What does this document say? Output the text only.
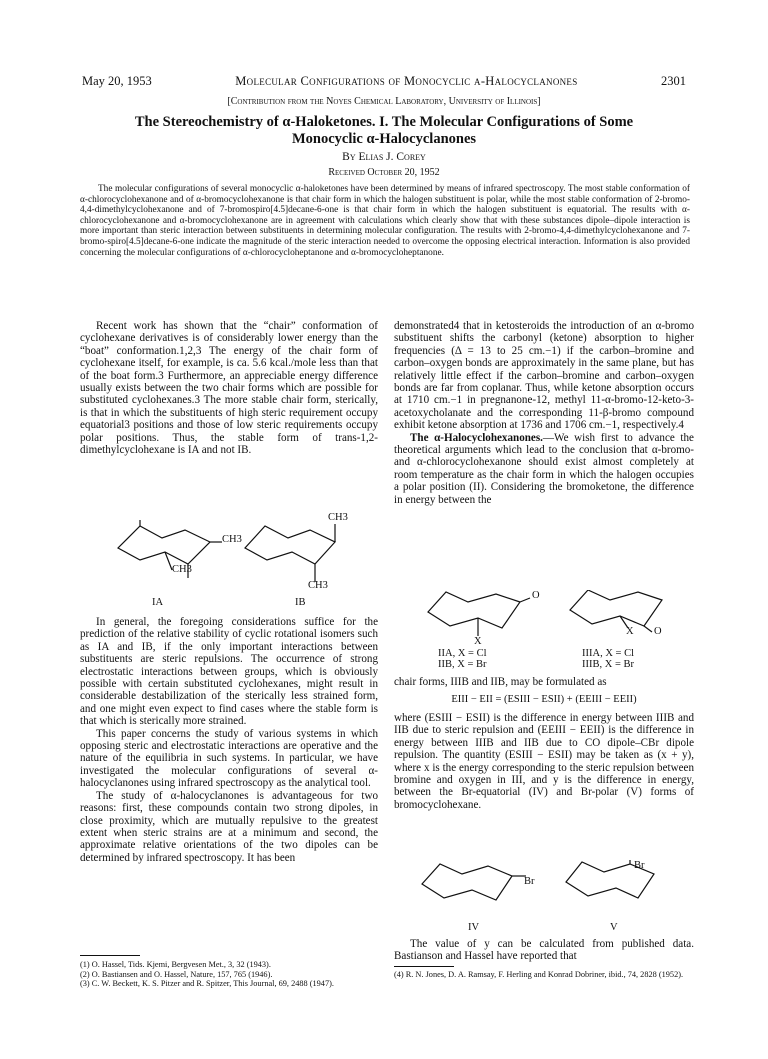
May 20, 1953	Molecular Configurations of Monocyclic α-Halocyclanones	2301
[Contribution from the Noyes Chemical Laboratory, University of Illinois]
The Stereochemistry of α-Haloketones. I. The Molecular Configurations of Some
Monocyclic α-Halocyclanones
By Elias J. Corey
Received October 20, 1952
The molecular configurations of several monocyclic α-haloketones have been determined by means of infrared spectroscopy. The most stable conformation of α-chlorocyclohexanone and of α-bromocyclohexanone is that chair form in which the halogen substituent is polar, while the most stable conformation of 2-bromo-4,4-dimethylcyclohexanone and of 7-bromospiro[4.5]decane-6-one is that chair form in which the halogen substituent is equatorial. The results with α-chlorocyclohexanone and α-bromocyclohexanone are in agreement with calculations which clearly show that with these substances dipole–dipole interaction is more important than steric interaction between substituents in determining molecular configuration. The results with 2-bromo-4,4-dimethylcyclohexanone and 7-bromo-spiro[4.5]decane-6-one indicate the magnitude of the steric interaction needed to overcome the opposing electrical interaction. Information is also provided concerning the molecular configurations of α-chlorocycloheptanone and α-bromocycloheptanone.

Recent work has shown that the “chair” conformation of cyclohexane derivatives is of considerably lower energy than the “boat” conformation.1,2,3 The energy of the chair form of cyclohexane itself, for example, is ca. 5.6 kcal./mole less than that of the boat form.3 Furthermore, an appreciable energy difference usually exists between the two chair forms which are possible for substituted cyclohexanes.3 The more stable chair form, sterically, is that in which the substituents of high steric requirement occupy equatorial3 positions and those of low steric requirements occupy polar positions. Thus, the stable form of trans-1,2-dimethylcyclohexane is IA and not IB.

CH3
CH3
CH3
CH3
IA	IB

In general, the foregoing considerations suffice for the prediction of the relative stability of cyclic rotational isomers such as IA and IB, if the only important interactions between substituents are steric repulsions. The occurrence of strong electrostatic interactions between groups, which is obviously possible with certain substituted cyclohexanes, might result in considerable destabilization of the sterically less strained form, and one might even expect to find cases where the stable form is that which is sterically more strained.

This paper concerns the study of various systems in which opposing steric and electrostatic interactions are operative and the nature of the equilibria in such systems. In particular, we have investigated the molecular configurations of several α-halocyclanones using infrared spectroscopy as the analytical tool.

The study of α-halocyclanones is advantageous for two reasons: first, these compounds contain two strong dipoles, in close proximity, which are mutually repulsive to the greatest extent when steric strains are at a minimum and second, the approximate relative orientations of the two dipoles can be determined by infrared spectroscopy. It has been

(1) O. Hassel, Tids. Kjemi, Bergvesen Met., 3, 32 (1943).
(2) O. Bastiansen and O. Hassel, Nature, 157, 765 (1946).
(3) C. W. Beckett, K. S. Pitzer and R. Spitzer, This Journal, 69, 2488 (1947).

demonstrated4 that in ketosteroids the introduction of an α-bromo substituent shifts the carbonyl (ketone) absorption to higher frequencies (Δ = 13 to 25 cm.−1) if the carbon–bromine and carbon–oxygen bonds are approximately in the same plane, but has relatively little effect if the carbon–bromine and carbon–oxygen bonds are far from coplanar. Thus, while ketone absorption occurs at 1710 cm.−1 in pregnanone-12, methyl 11-α-bromo-12-keto-3-acetoxycholanate and the corresponding 11-β-bromo compound exhibit ketone absorption at 1736 and 1706 cm.−1, respectively.4

The α-Halocyclohexanones.—We wish first to advance the theoretical arguments which lead to the conclusion that α-bromo- and α-chlorocyclohexanone should exist almost completely at room temperature as the chair form in which the halogen occupies a polar position (II). Considering the bromoketone, the difference in energy between the

O
X
X O
IIA, X = Cl
IIB, X = Br
IIIA, X = Cl
IIIB, X = Br

chair forms, IIIB and IIB, may be formulated as

EIII − EII = (ESIII − ESII) + (EEIII − EEII)

where (ESIII − ESII) is the difference in energy between IIIB and IIB due to steric repulsion and (EEIII − EEII) is the difference in energy between IIIB and IIB due to CO dipole–CBr dipole repulsion. The quantity (ESIII − ESII) may be taken as (x + y), where x is the energy corresponding to the steric repulsion between bromine and oxygen in III, and y is the difference in energy, between the Br-equatorial (IV) and Br-polar (V) forms of bromocyclohexane.

Br
Br
IV	V

The value of y can be calculated from published data. Bastianson and Hassel have reported that

(4) R. N. Jones, D. A. Ramsay, F. Herling and Konrad Dobriner, ibid., 74, 2828 (1952).
